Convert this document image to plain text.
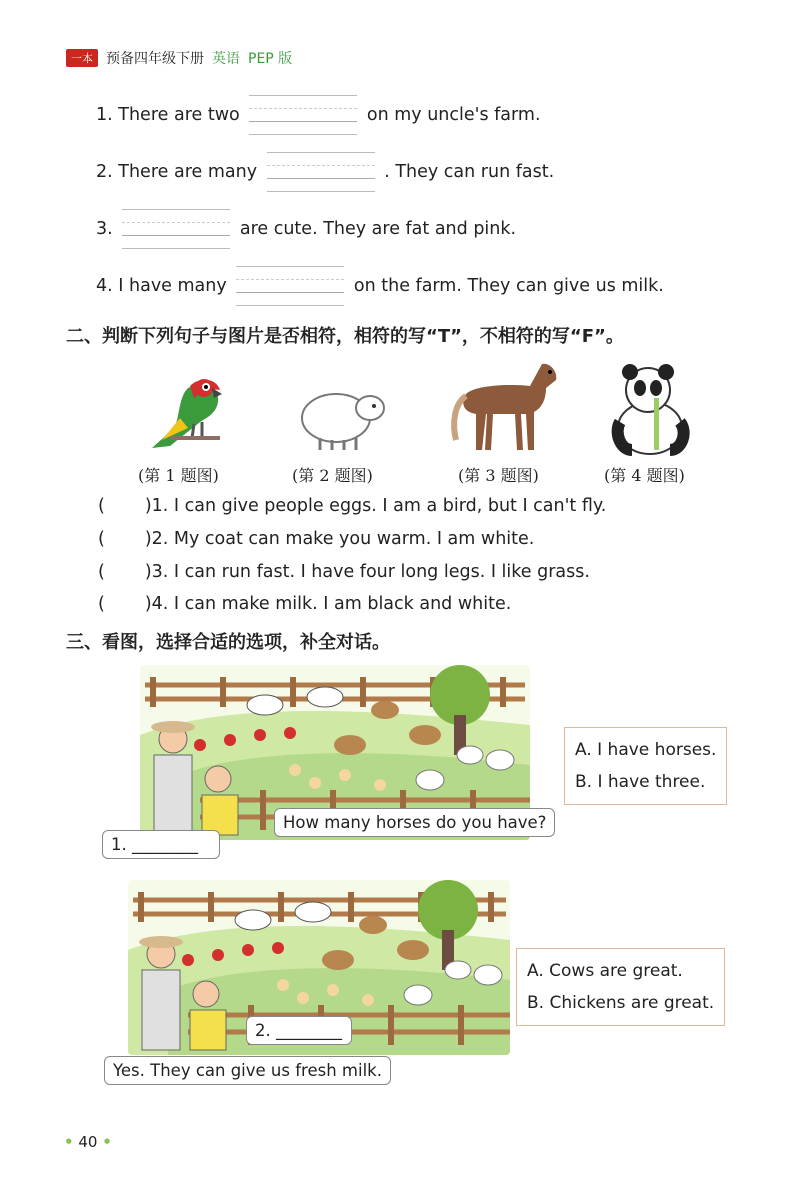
一本 预备四年级下册 英语 PEP 版
1. There are two	on my uncle's farm.
2. There are many	. They can run fast.
3.	are cute. They are fat and pink.
4. I have many	on the farm. They can give us milk.
二、判断下列句子与图片是否相符，相符的写“T”，不相符的写“F”。
(第 1 题图)	(第 2 题图)	(第 3 题图)	(第 4 题图)
( )1. I can give people eggs. I am a bird, but I can't fly.
( )2. My coat can make you warm. I am white.
( )3. I can run fast. I have four long legs. I like grass.
( )4. I can make milk. I am black and white.
三、看图，选择合适的选项，补全对话。
A. I have horses.
B. I have three.
How many horses do you have?
1. ________
A. Cows are great.
B. Chickens are great.
2. ________
Yes. They can give us fresh milk.
• 40 •
